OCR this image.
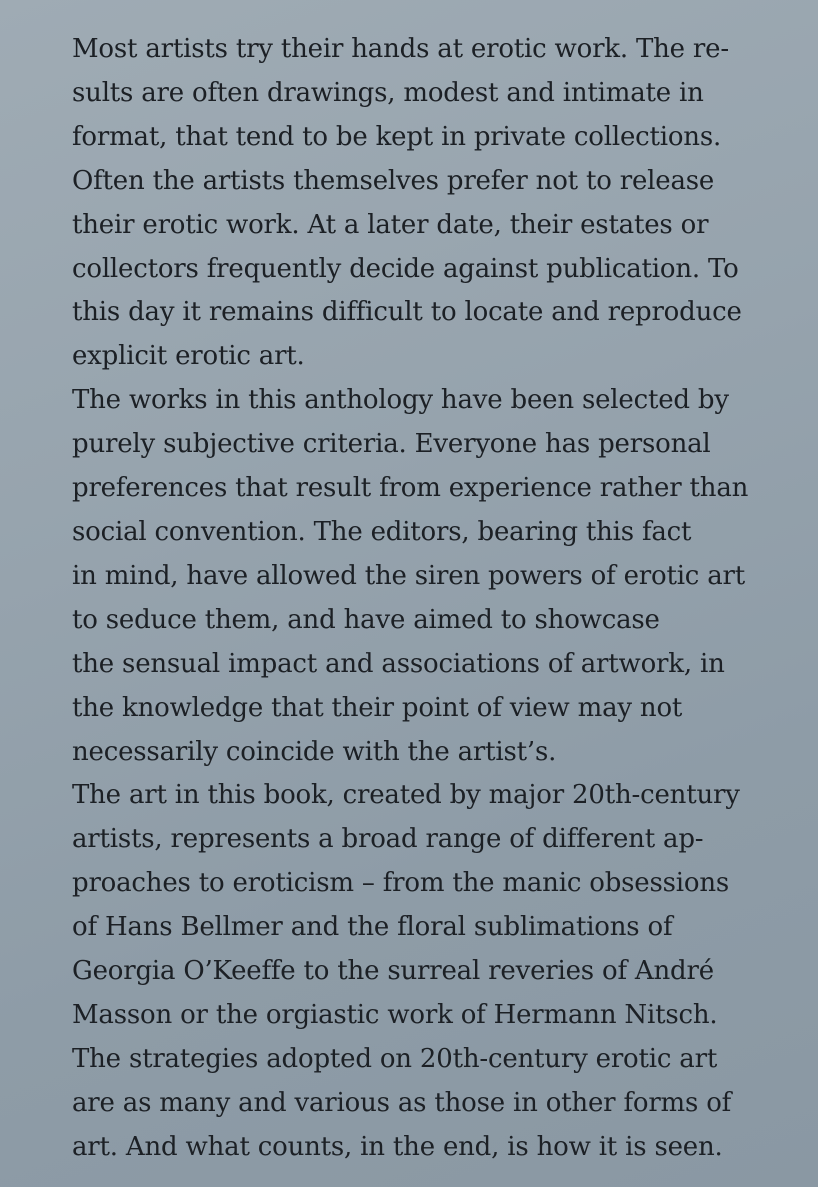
Most artists try their hands at erotic work. The re-
sults are often drawings, modest and intimate in
format, that tend to be kept in private collections.
Often the artists themselves prefer not to release
their erotic work. At a later date, their estates or
collectors frequently decide against publication. To
this day it remains difficult to locate and reproduce
explicit erotic art.
The works in this anthology have been selected by
purely subjective criteria. Everyone has personal
preferences that result from experience rather than
social convention. The editors, bearing this fact
in mind, have allowed the siren powers of erotic art
to seduce them, and have aimed to showcase
the sensual impact and associations of artwork, in
the knowledge that their point of view may not
necessarily coincide with the artist’s.
The art in this book, created by major 20th-century
artists, represents a broad range of different ap-
proaches to eroticism – from the manic obsessions
of Hans Bellmer and the floral sublimations of
Georgia O’Keeffe to the surreal reveries of André
Masson or the orgiastic work of Hermann Nitsch.
The strategies adopted on 20th-century erotic art
are as many and various as those in other forms of
art. And what counts, in the end, is how it is seen.
